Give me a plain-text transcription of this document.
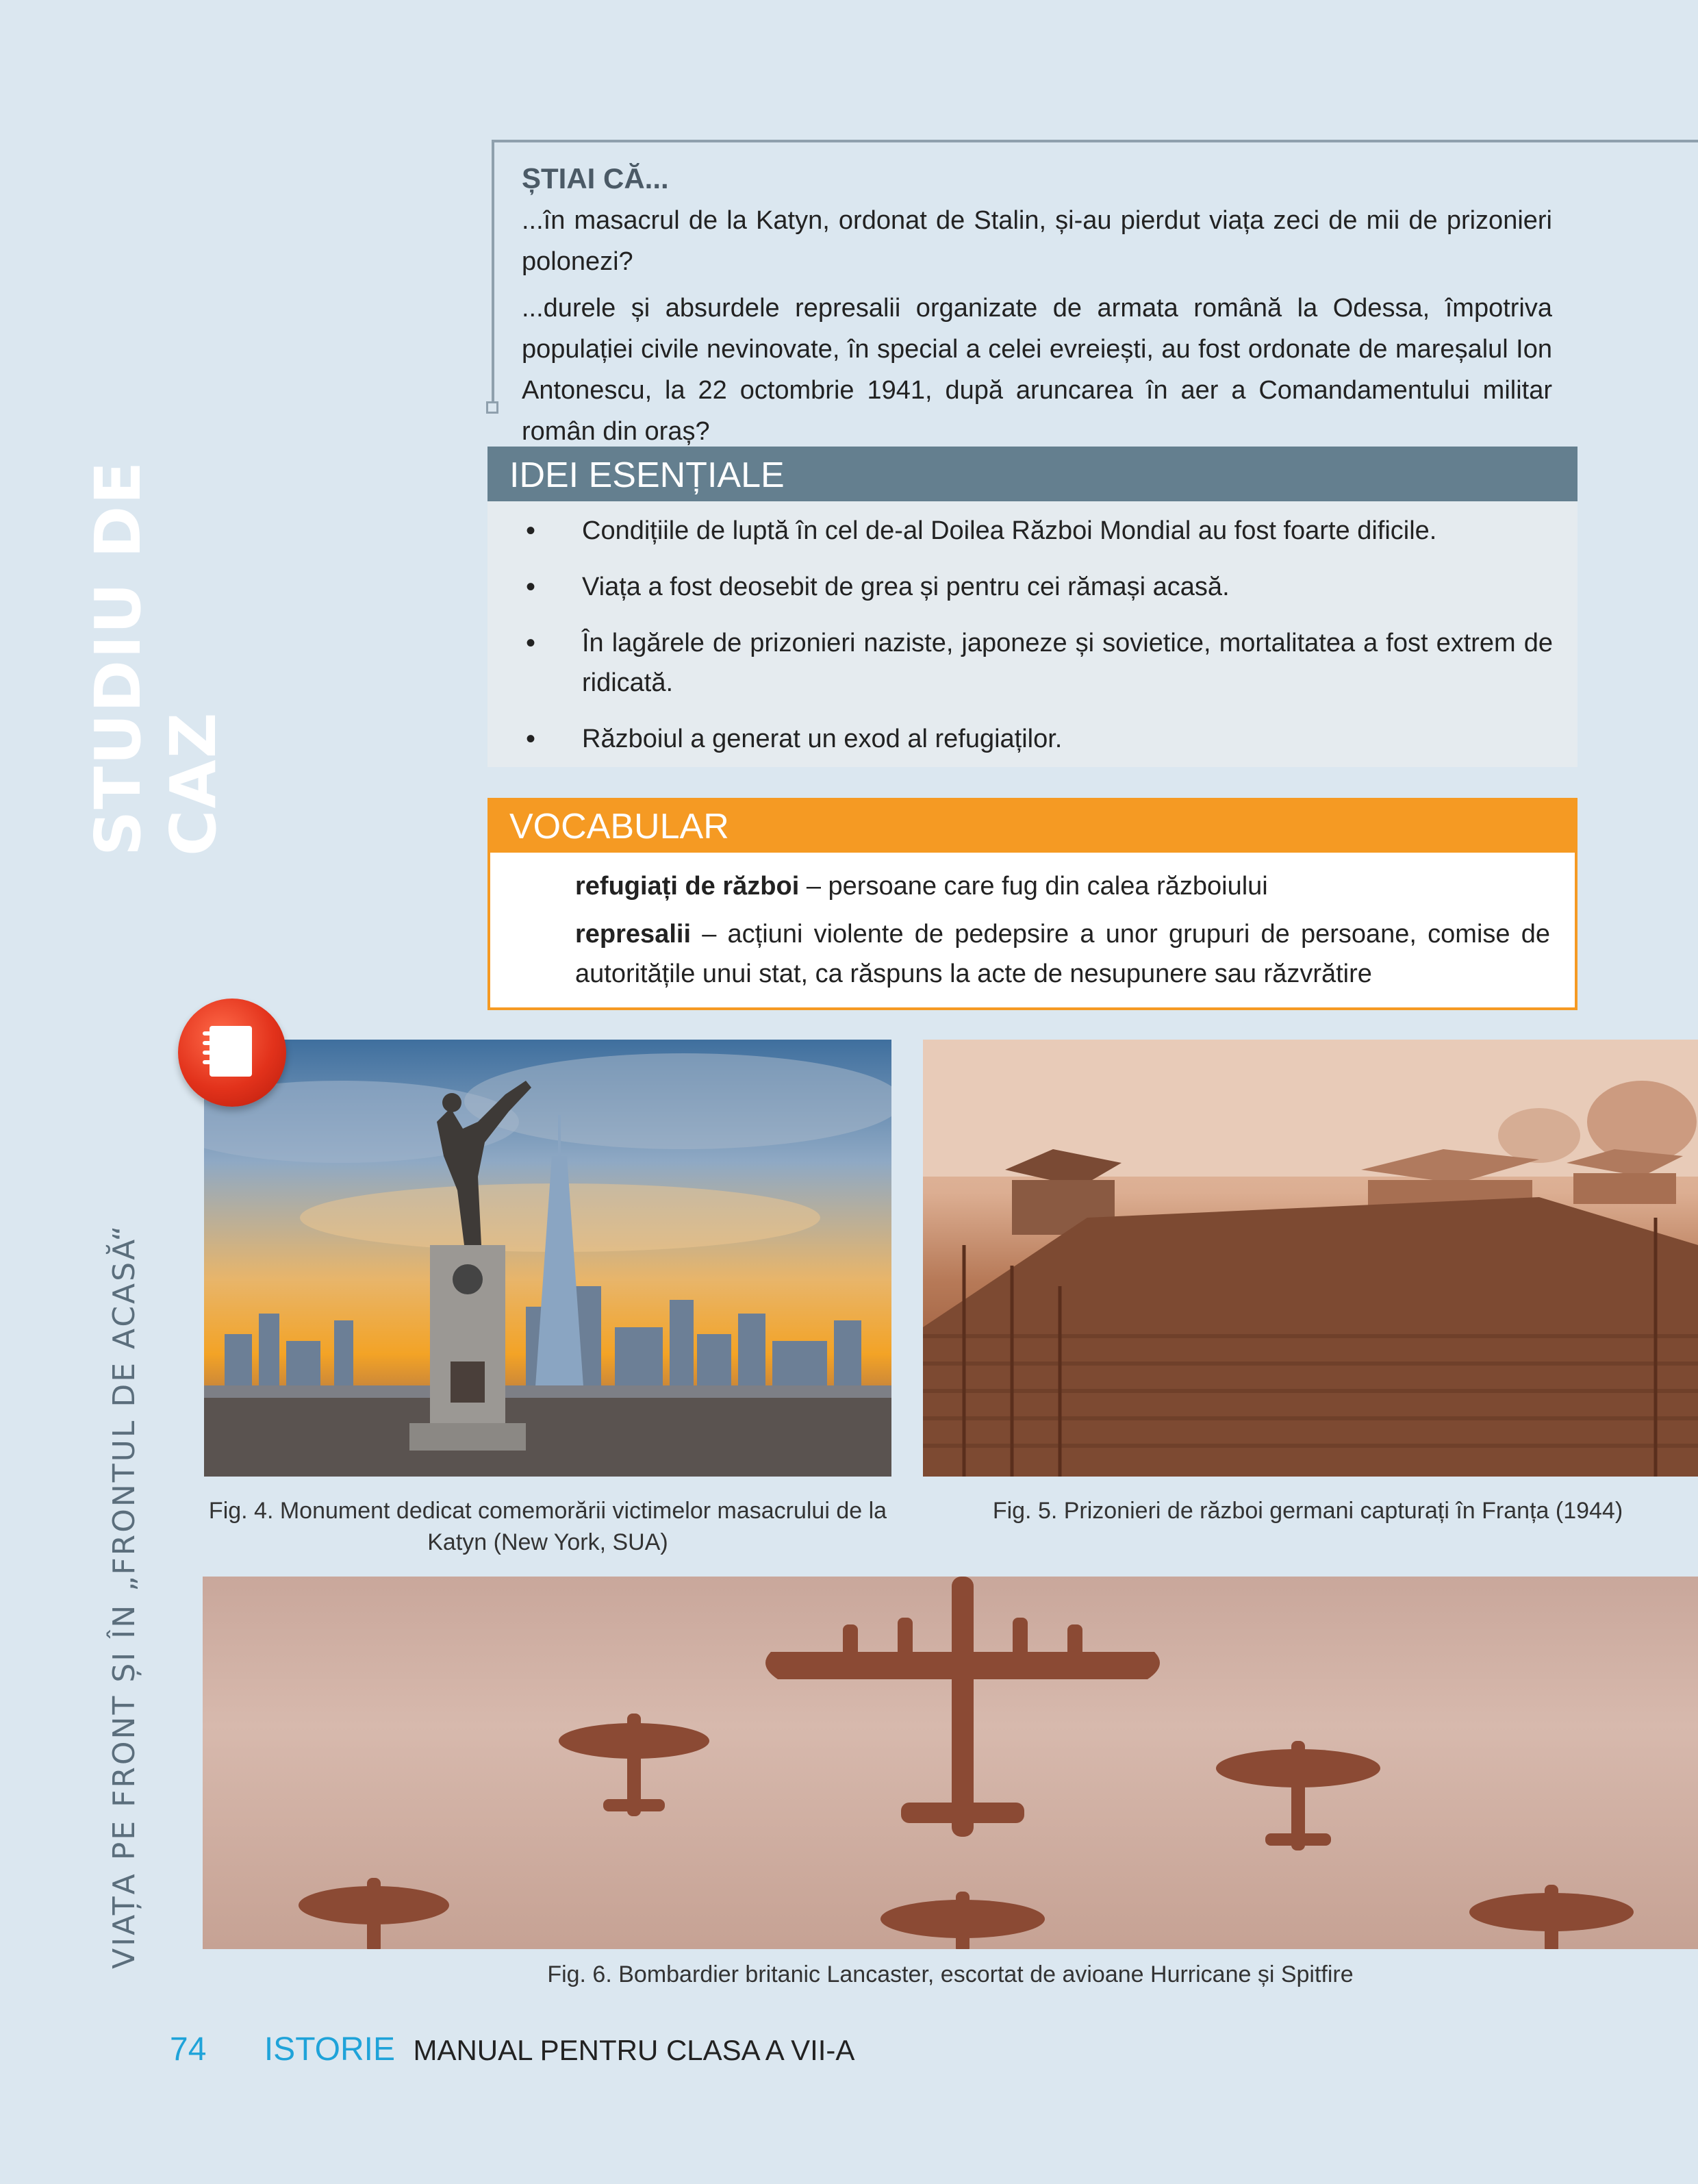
STUDIU DE CAZ
VIAȚA PE FRONT ȘI ÎN „FRONTUL DE ACASĂ“
ȘTIAI CĂ...

...în masacrul de la Katyn, ordonat de Stalin, și-au pierdut viața zeci de mii de prizonieri polonezi?

...durele și absurdele represalii organizate de armata română la Odessa, împotriva populației civile nevinovate, în special a celei evreiești, au fost ordonate de mareșalul Ion Antonescu, la 22 octombrie 1941, după aruncarea în aer a Comandamentului militar român din oraș?

IDEI ESENȚIALE
• Condițiile de luptă în cel de-al Doilea Război Mondial au fost foarte dificile.
• Viața a fost deosebit de grea și pentru cei rămași acasă.
• În lagărele de prizonieri naziste, japoneze și sovietice, mortalitatea a fost extrem de ridicată.
• Războiul a generat un exod al refugiaților.
VOCABULAR

refugiați de război – persoane care fug din calea războiului

represalii – acțiuni violente de pedepsire a unor grupuri de persoane, comise de autoritățile unui stat, ca răspuns la acte de nesupunere sau răzvrătire

Fig. 4. Monument dedicat comemorării victimelor masacrului de la Katyn (New York, SUA)
Fig. 5. Prizonieri de război germani capturați în Franța (1944)
Fig. 6. Bombardier britanic Lancaster, escortat de avioane Hurricane și Spitfire
74 ISTORIE MANUAL PENTRU CLASA A VII-A
